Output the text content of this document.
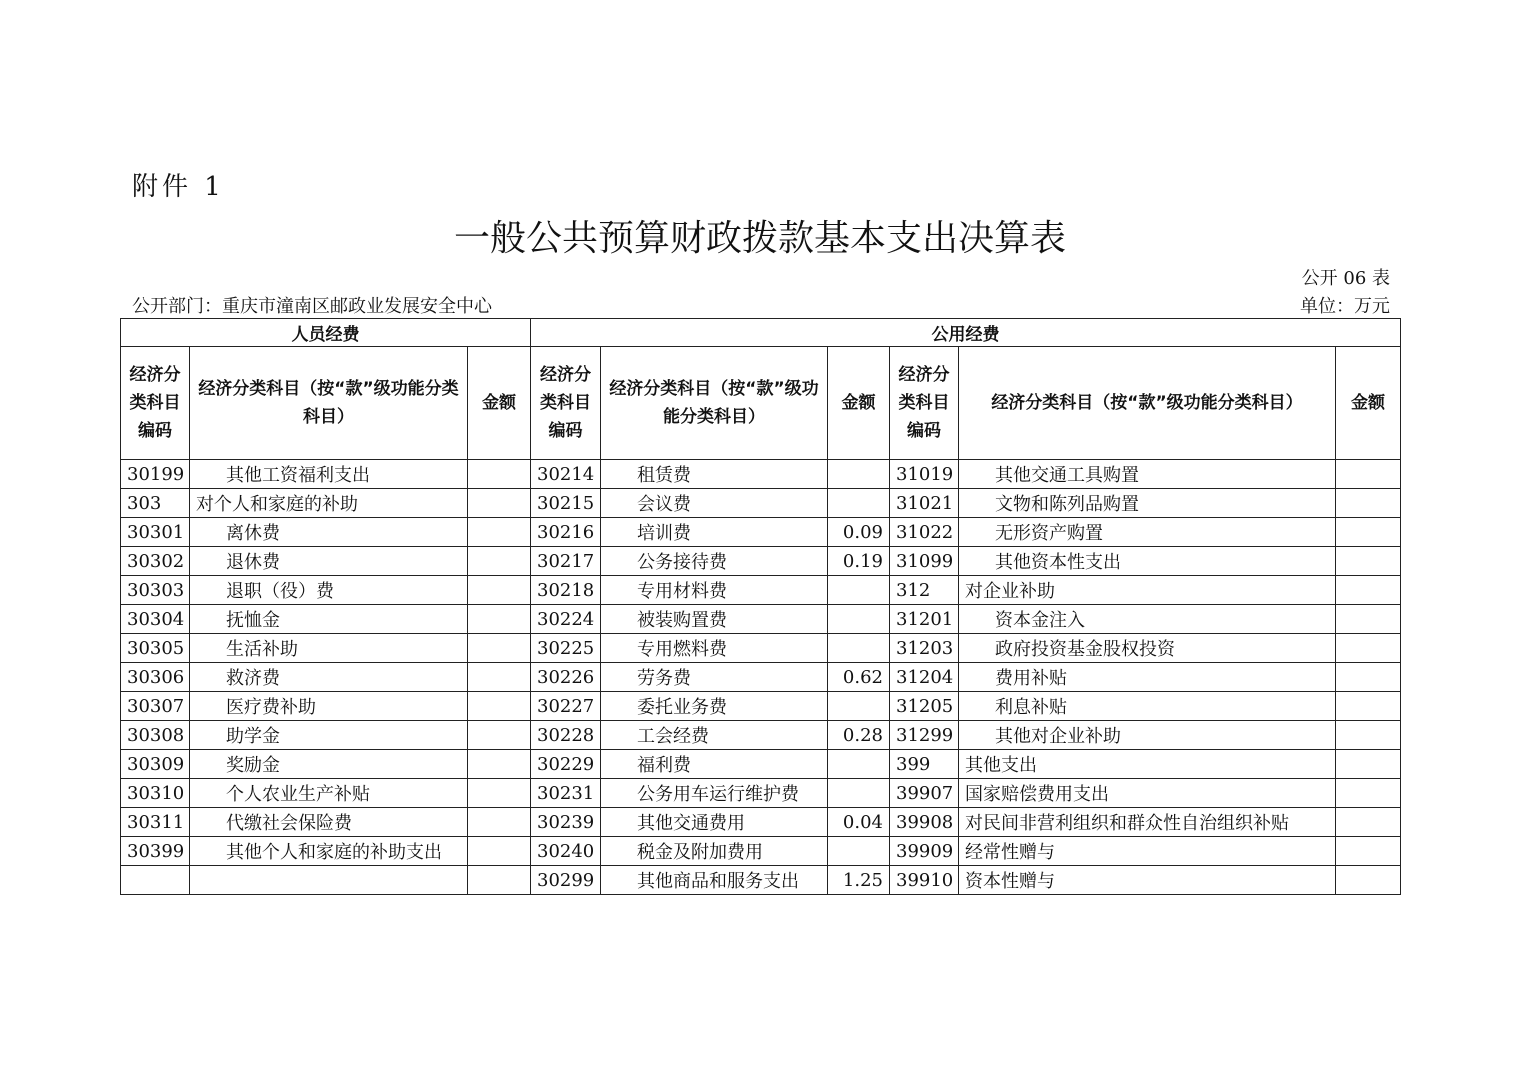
附件 1
一般公共预算财政拨款基本支出决算表
公开 06 表
公开部门：重庆市潼南区邮政业发展安全中心	单位：万元
人员经费			公用经费					
经济分类科目编码	经济分类科目（按“款”级功能分类科目）	金额	经济分类科目编码	经济分类科目（按“款”级功能分类科目）	金额	经济分类科目编码	经济分类科目（按“款”级功能分类科目）	金额
30199	其他工资福利支出		30214	租赁费		31019	其他交通工具购置	
303	对个人和家庭的补助		30215	会议费		31021	文物和陈列品购置	
30301	离休费		30216	培训费	0.09	31022	无形资产购置	
30302	退休费		30217	公务接待费	0.19	31099	其他资本性支出	
30303	退职（役）费		30218	专用材料费		312	对企业补助	
30304	抚恤金		30224	被装购置费		31201	资本金注入	
30305	生活补助		30225	专用燃料费		31203	政府投资基金股权投资	
30306	救济费		30226	劳务费	0.62	31204	费用补贴	
30307	医疗费补助		30227	委托业务费		31205	利息补贴	
30308	助学金		30228	工会经费	0.28	31299	其他对企业补助	
30309	奖励金		30229	福利费		399	其他支出	
30310	个人农业生产补贴		30231	公务用车运行维护费		39907	国家赔偿费用支出	
30311	代缴社会保险费		30239	其他交通费用	0.04	39908	对民间非营利组织和群众性自治组织补贴	
30399	其他个人和家庭的补助支出		30240	税金及附加费用		39909	经常性赠与	
			30299	其他商品和服务支出	1.25	39910	资本性赠与	
